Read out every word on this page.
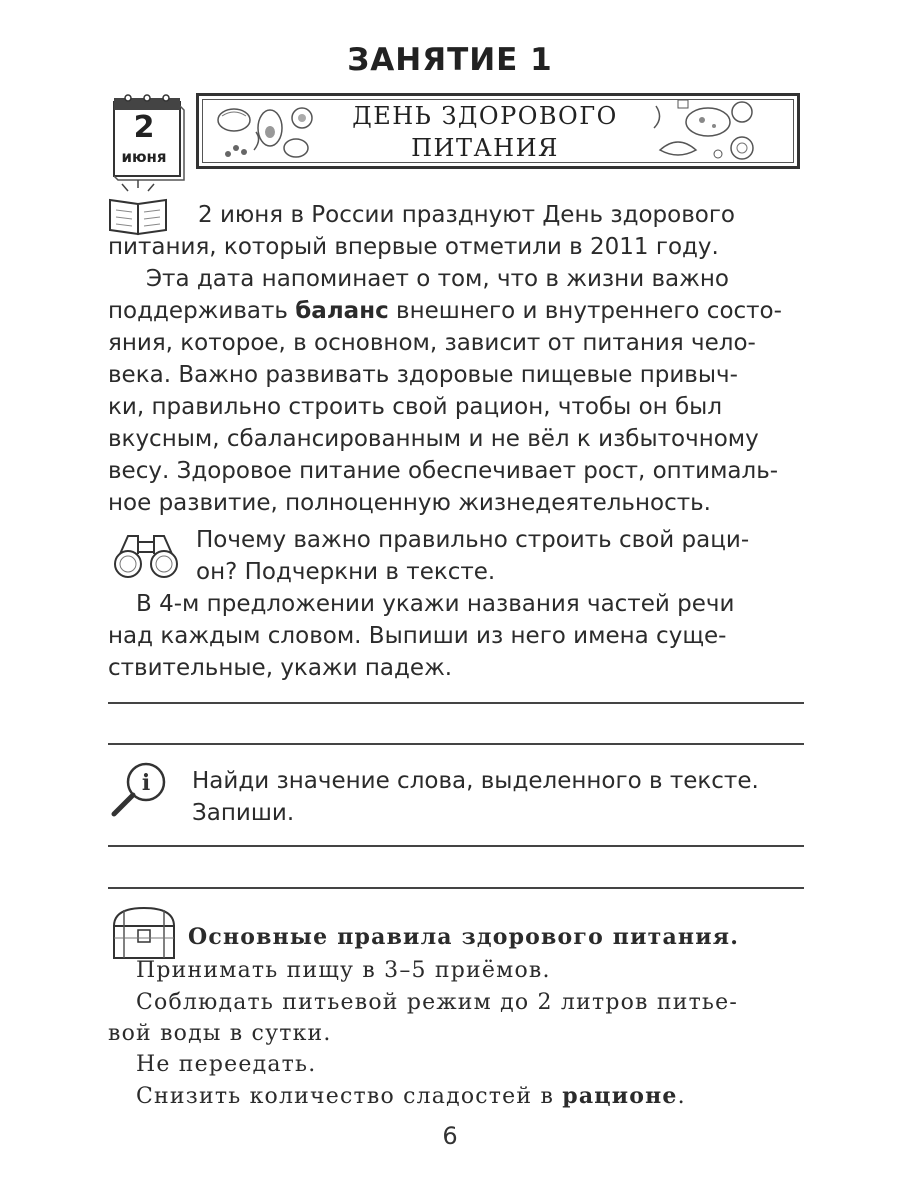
ЗАНЯТИЕ 1
2
июня
ДЕНЬ ЗДОРОВОГО
ПИТАНИЯ
2 июня в России празднуют День здорового
питания, который впервые отметили в 2011 году.
Эта дата напоминает о том, что в жизни важно
поддерживать баланс внешнего и внутреннего состо-
яния, которое, в основном, зависит от питания чело-
века. Важно развивать здоровые пищевые привыч-
ки, правильно строить свой рацион, чтобы он был
вкусным, сбалансированным и не вёл к избыточному
весу. Здоровое питание обеспечивает рост, оптималь-
ное развитие, полноценную жизнедеятельность.
Почему важно правильно строить свой раци-
он? Подчеркни в тексте.
В 4-м предложении укажи названия частей речи
над каждым словом. Выпиши из него имена суще-
ствительные, укажи падеж.
i Найди значение слова, выделенного в тексте.
Запиши.
Основные правила здорового питания.
Принимать пищу в 3–5 приёмов.
Соблюдать питьевой режим до 2 литров питье-
вой воды в сутки.
Не переедать.
Снизить количество сладостей в рационе.
6
